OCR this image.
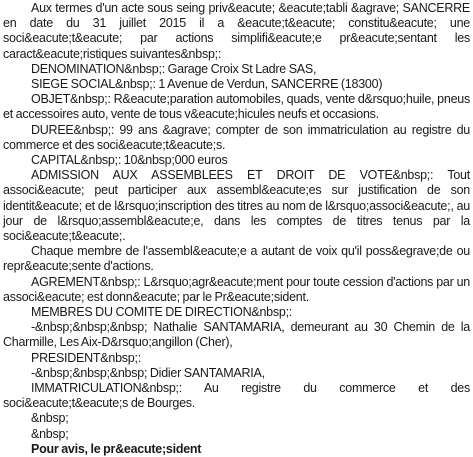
Aux termes d'un acte sous seing priv&eacute; &eacute;tabli &agrave; SANCERRE en date du 31 juillet 2015 il a &eacute;t&eacute; constitu&eacute; une soci&eacute;t&eacute; par actions simplifi&eacute;e pr&eacute;sentant les caract&eacute;ristiques suivantes&nbsp;:

DENOMINATION&nbsp;: Garage Croix St Ladre SAS,

SIEGE SOCIAL&nbsp;: 1 Avenue de Verdun, SANCERRE (18300)

OBJET&nbsp;: R&eacute;paration automobiles, quads, vente d&rsquo;huile, pneus et accessoires auto, vente de tous v&eacute;hicules neufs et occasions.

DUREE&nbsp;: 99 ans &agrave; compter de son immatriculation au registre du commerce et des soci&eacute;t&eacute;s.

CAPITAL&nbsp;: 10&nbsp;000 euros

ADMISSION AUX ASSEMBLEES ET DROIT DE VOTE&nbsp;: Tout associ&eacute; peut participer aux assembl&eacute;es sur justification de son identit&eacute; et de l&rsquo;inscription des titres au nom de l&rsquo;associ&eacute;, au jour de l&rsquo;assembl&eacute;e, dans les comptes de titres tenus par la soci&eacute;t&eacute;.

Chaque membre de l'assembl&eacute;e a autant de voix qu'il poss&egrave;de ou repr&eacute;sente d'actions.

AGREMENT&nbsp;: L&rsquo;agr&eacute;ment pour toute cession d'actions par un associ&eacute; est donn&eacute; par le Pr&eacute;sident.

MEMBRES DU COMITE DE DIRECTION&nbsp;:

-&nbsp;&nbsp;&nbsp; Nathalie SANTAMARIA, demeurant au 30 Chemin de la Charmille, Les Aix-D&rsquo;angillon (Cher),

PRESIDENT&nbsp;:

-&nbsp;&nbsp;&nbsp; Didier SANTAMARIA,

IMMATRICULATION&nbsp;: Au registre du commerce et des soci&eacute;t&eacute;s de Bourges.

&nbsp;

&nbsp;

Pour avis, le pr&eacute;sident
